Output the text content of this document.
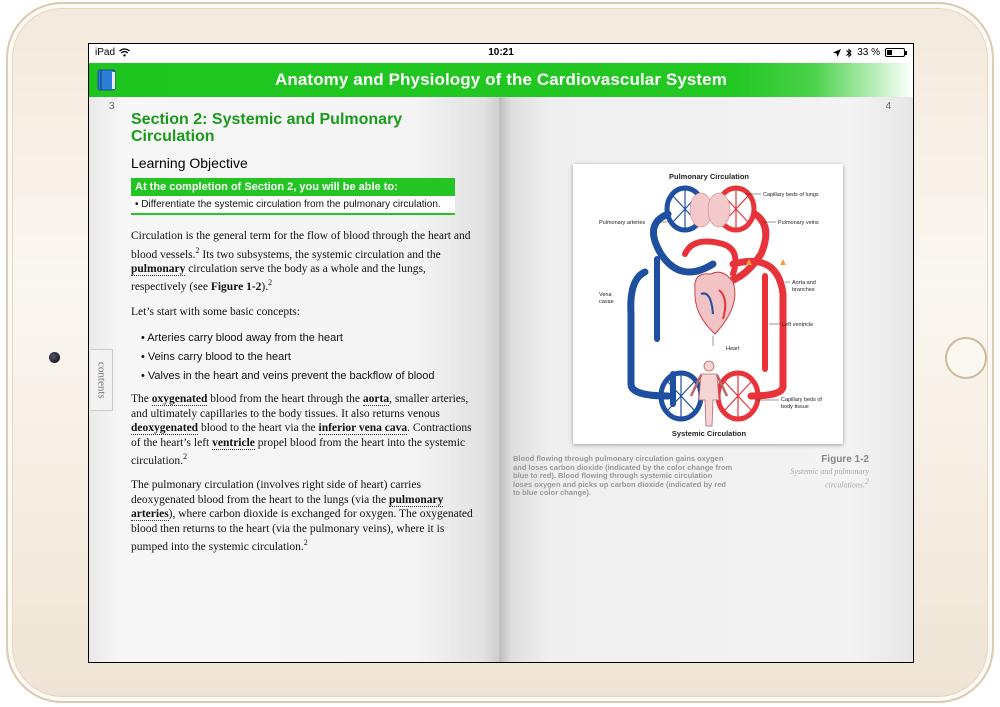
iPad	10:21	33 %
Anatomy and Physiology of the Cardiovascular System
3
contents
Section 2: Systemic and Pulmonary Circulation
Learning Objective
At the completion of Section 2, you will be able to:
• Differentiate the systemic circulation from the pulmonary circulation.

Circulation is the general term for the flow of blood through the heart and blood vessels.$^2$ Its two subsystems, the systemic circulation and the pulmonary circulation serve the body as a whole and the lungs, respectively (see Figure 1-2).$^2$

Let’s start with some basic concepts:

• Arteries carry blood away from the heart
• Veins carry blood to the heart
• Valves in the heart and veins prevent the backflow of blood

The oxygenated blood from the heart through the aorta, smaller arteries, and ultimately capillaries to the body tissues. It also returns venous deoxygenated blood to the heart via the inferior vena cava. Contractions of the heart’s left ventricle propel blood from the heart into the systemic circulation.$^2$

The pulmonary circulation (involves right side of heart) carries deoxygenated blood from the heart to the lungs (via the pulmonary arteries), where carbon dioxide is exchanged for oxygen. The oxygenated blood then returns to the heart (via the pulmonary veins), where it is pumped into the systemic circulation.$^2$

4
Pulmonary Circulation
Systemic Circulation
Capillary beds of lungs
Pulmonary arteries	Pulmonary veins
Vena
cavae
Aorta and
branches
Left ventricle
Heart
Capillary beds of
body tissue
Blood flowing through pulmonary circulation gains oxygen and loses carbon dioxide (indicated by the color change from blue to red). Blood flowing through systemic circulation loses oxygen and picks up carbon dioxide (indicated by red to blue color change).
Figure 1-2
Systemic and pulmonary circulations.$^2$
